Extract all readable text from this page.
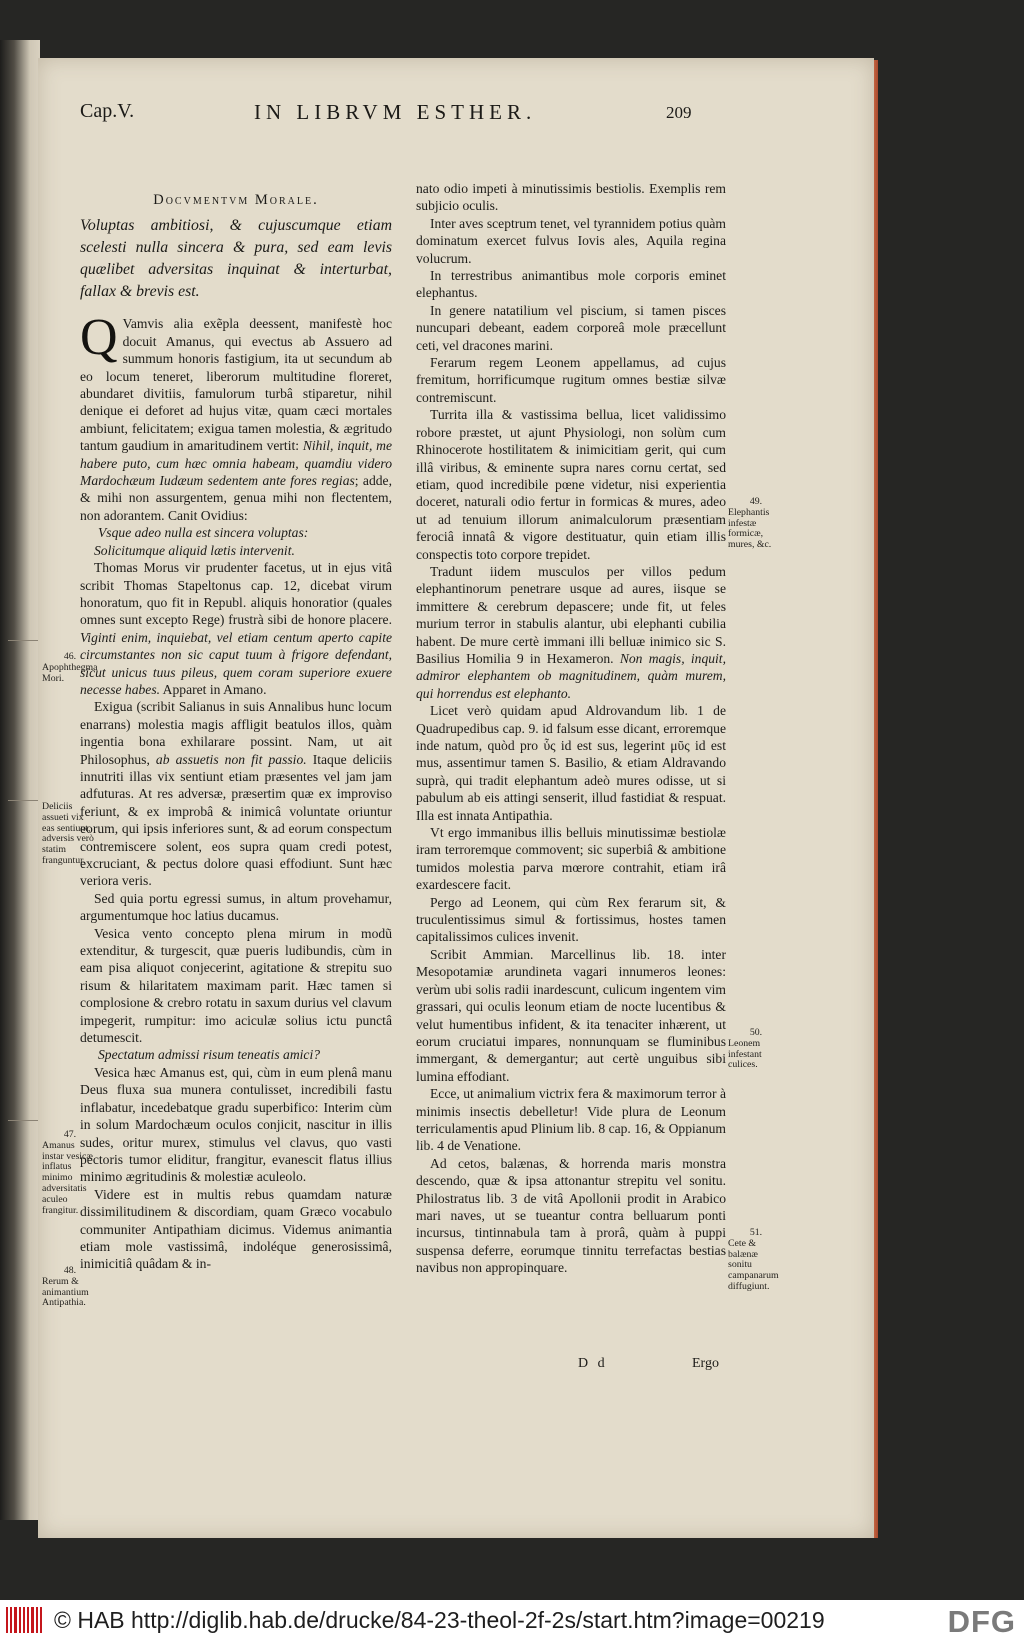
Cap.V.	IN LIBRVM ESTHER.	209
Docvmentvm Morale.
Voluptas ambitiosi, & cujuscumque etiam scelesti nulla sincera & pura, sed eam levis quælibet adversitas inquinat & interturbat, fallax & brevis est.

Q Vamvis alia exẽpla deessent, manifestè hoc docuit Amanus, qui evectus ab Assuero ad summum honoris fastigium, ita ut secundum ab eo locum teneret, liberorum multitudine floreret, abundaret divitiis, famulorum turbâ stiparetur, nihil denique ei deforet ad hujus vitæ, quam cæci mortales ambiunt, felicitatem; exigua tamen molestia, & ægritudo tantum gaudium in amaritudinem vertit: Nihil, inquit, me habere puto, cum hæc omnia habeam, quamdiu videro Mardochæum Iudæum sedentem ante fores regias; adde, & mihi non assurgentem, genua mihi non flectentem, non adorantem. Canit Ovidius:

Vsque adeo nulla est sincera voluptas:

Solicitumque aliquid lætis intervenit.

Thomas Morus vir prudenter facetus, ut in ejus vitâ scribit Thomas Stapeltonus cap. 12, dicebat virum honoratum, quo fit in Republ. aliquis honoratior (quales omnes sunt excepto Rege) frustrà sibi de honore placere. Viginti enim, inquiebat, vel etiam centum aperto capite circumstantes non sic caput tuum à frigore defendant, sicut unicus tuus pileus, quem coram superiore exuere necesse habes. Apparet in Amano.

Exigua (scribit Salianus in suis Annalibus hunc locum enarrans) molestia magis affligit beatulos illos, quàm ingentia bona exhilarare possint. Nam, ut ait Philosophus, ab assuetis non fit passio. Itaque deliciis innutriti illas vix sentiunt etiam præsentes vel jam jam adfuturas. At res adversæ, præsertim quæ ex improviso feriunt, & ex improbâ & inimicâ voluntate oriuntur eorum, qui ipsis inferiores sunt, & ad eorum conspectum contremiscere solent, eos supra quam credi potest, excruciant, & pectus dolore quasi effodiunt. Sunt hæc veriora veris.

Sed quia portu egressi sumus, in altum provehamur, argumentumque hoc latius ducamus.

Vesica vento concepto plena mirum in modũ extenditur, & turgescit, quæ pueris ludibundis, cùm in eam pisa aliquot conjecerint, agitatione & strepitu suo risum & hilaritatem maximam parit. Hæc tamen si complosione & crebro rotatu in saxum durius vel clavum impegerit, rumpitur: imo aciculæ solius ictu punctâ detumescit.

Spectatum admissi risum teneatis amici?

Vesica hæc Amanus est, qui, cùm in eum plenâ manu Deus fluxa sua munera contulisset, incredibili fastu inflabatur, incedebatque gradu superbifico: Interim cùm in solum Mardochæum oculos conjicit, nascitur in illis sudes, oritur murex, stimulus vel clavus, quo vasti pectoris tumor eliditur, frangitur, evanescit flatus illius minimo ægritudinis & molestiæ aculeolo.

Videre est in multis rebus quamdam naturæ dissimilitudinem & discordiam, quam Græco vocabulo communiter Antipathiam dicimus. Videmus animantia etiam mole vastissimâ, indoléque generosissimâ, inimicitiâ quâdam & in-

nato odio impeti à minutissimis bestiolis. Exemplis rem subjicio oculis.

Inter aves sceptrum tenet, vel tyrannidem potius quàm dominatum exercet fulvus Iovis ales, Aquila regina volucrum.

In terrestribus animantibus mole corporis eminet elephantus.

In genere natatilium vel piscium, si tamen pisces nuncupari debeant, eadem corporeâ mole præcellunt ceti, vel dracones marini.

Ferarum regem Leonem appellamus, ad cujus fremitum, horrificumque rugitum omnes bestiæ silvæ contremiscunt.

Turrita illa & vastissima bellua, licet validissimo robore præstet, ut ajunt Physiologi, non solùm cum Rhinocerote hostilitatem & inimicitiam gerit, qui cum illâ viribus, & eminente supra nares cornu certat, sed etiam, quod incredibile pœne videtur, nisi experientia doceret, naturali odio fertur in formicas & mures, adeo ut ad tenuium illorum animalculorum præsentiam ferociâ innatâ & vigore destituatur, quin etiam illis conspectis toto corpore trepidet.

Tradunt iidem musculos per villos pedum elephantinorum penetrare usque ad aures, iisque se immittere & cerebrum depascere; unde fit, ut feles murium terror in stabulis alantur, ubi elephanti cubilia habent. De mure certè immani illi belluæ inimico sic S. Basilius Homilia 9 in Hexameron. Non magis, inquit, admiror elephantem ob magnitudinem, quàm murem, qui horrendus est elephanto.

Licet verò quidam apud Aldrovandum lib. 1 de Quadrupedibus cap. 9. id falsum esse dicant, erroremque inde natum, quòd pro ὗς id est sus, legerint μῦς id est mus, assentimur tamen S. Basilio, & etiam Aldravando suprà, qui tradit elephantum adeò mures odisse, ut si pabulum ab eis attingi senserit, illud fastidiat & respuat. Illa est innata Antipathia.

Vt ergo immanibus illis belluis minutissimæ bestiolæ iram terroremque commovent; sic superbiâ & ambitione tumidos molestia parva mœrore contrahit, etiam irâ exardescere facit.

Pergo ad Leonem, qui cùm Rex ferarum sit, & truculentissimus simul & fortissimus, hostes tamen capitalissimos culices invenit.

Scribit Ammian. Marcellinus lib. 18. inter Mesopotamiæ arundineta vagari innumeros leones: verùm ubi solis radii inardescunt, culicum ingentem vim grassari, qui oculis leonum etiam de nocte lucentibus & velut humentibus infident, & ita tenaciter inhærent, ut eorum cruciatui impares, nonnunquam se fluminibus immergant, & demergantur; aut certè unguibus sibi lumina effodiant.

Ecce, ut animalium victrix fera & maximorum terror à minimis insectis debelletur! Vide plura de Leonum terriculamentis apud Plinium lib. 8 cap. 16, & Oppianum lib. 4 de Venatione.

Ad cetos, balænas, & horrenda maris monstra descendo, quæ & ipsa attonantur strepitu vel sonitu. Philostratus lib. 3 de vitâ Apollonii prodit in Arabico mari naves, ut se tueantur contra belluarum ponti incursus, tintinnabula tam à prorâ, quàm à puppi suspensa deferre, eorumque tinnitu terrefactas bestias navibus non appropinquare.

D d	Ergo
46.
Apophthegma Mori.
Deliciis assueti vix eas sentiunt, adversis verò statim franguntur.
47.
Amanus instar vesicæ inflatus minimo adversitatis aculeo frangitur.
48.
Rerum & animantium Antipathia.
49.
Elephantis infestæ formicæ, mures, &c.
50.
Leonem infestant culices.
51.
Cete & balænæ sonitu campanarum diffugiunt.
© HAB http://diglib.hab.de/drucke/84-23-theol-2f-2s/start.htm?image=00219	DFG
